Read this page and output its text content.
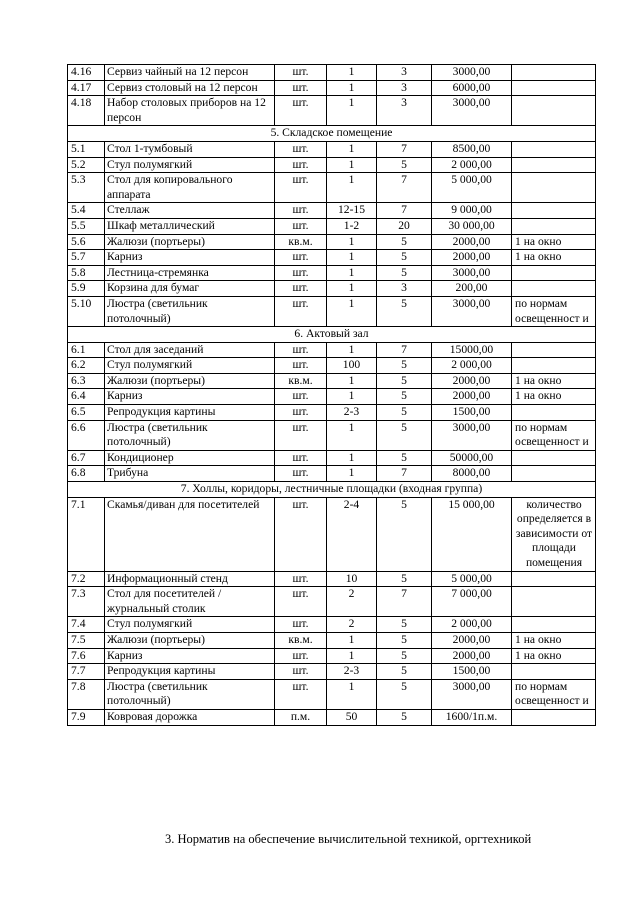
4.16	Сервиз чайный на 12 персон	шт.	1	3	3000,00	
4.17	Сервиз столовый на 12 персон	шт.	1	3	6000,00	
4.18	Набор столовых приборов на 12 персон	шт.	1	3	3000,00	
5. Складское помещение						
5.1	Стол 1-тумбовый	шт.	1	7	8500,00	
5.2	Стул полумягкий	шт.	1	5	2 000,00	
5.3	Стол для копировального аппарата	шт.	1	7	5 000,00	
5.4	Стеллаж	шт.	12-15	7	9 000,00	
5.5	Шкаф металлический	шт.	1-2	20	30 000,00	
5.6	Жалюзи (портьеры)	кв.м.	1	5	2000,00	1 на окно
5.7	Карниз	шт.	1	5	2000,00	1 на окно
5.8	Лестница-стремянка	шт.	1	5	3000,00	
5.9	Корзина для бумаг	шт.	1	3	200,00	
5.10	Люстра (светильник потолочный)	шт.	1	5	3000,00	по нормам освещенност и
6. Актовый зал						
6.1	Стол для заседаний	шт.	1	7	15000,00	
6.2	Стул полумягкий	шт.	100	5	2 000,00	
6.3	Жалюзи (портьеры)	кв.м.	1	5	2000,00	1 на окно
6.4	Карниз	шт.	1	5	2000,00	1 на окно
6.5	Репродукция картины	шт.	2-3	5	1500,00	
6.6	Люстра (светильник потолочный)	шт.	1	5	3000,00	по нормам освещенност и
6.7	Кондиционер	шт.	1	5	50000,00	
6.8	Трибуна	шт.	1	7	8000,00	
7. Холлы, коридоры, лестничные площадки (входная группа)						
7.1	Скамья/диван для посетителей	шт.	2-4	5	15 000,00	количество определяется в зависимости от площади помещения
7.2	Информационный стенд	шт.	10	5	5 000,00	
7.3	Стол для посетителей /журнальный столик	шт.	2	7	7 000,00	
7.4	Стул полумягкий	шт.	2	5	2 000,00	
7.5	Жалюзи (портьеры)	кв.м.	1	5	2000,00	1 на окно
7.6	Карниз	шт.	1	5	2000,00	1 на окно
7.7	Репродукция картины	шт.	2-3	5	1500,00	
7.8	Люстра (светильник потолочный)	шт.	1	5	3000,00	по нормам освещенност и
7.9	Ковровая дорожка	п.м.	50	5	1600/1п.м.	
3. Норматив на обеспечение вычислительной техникой, оргтехникой
